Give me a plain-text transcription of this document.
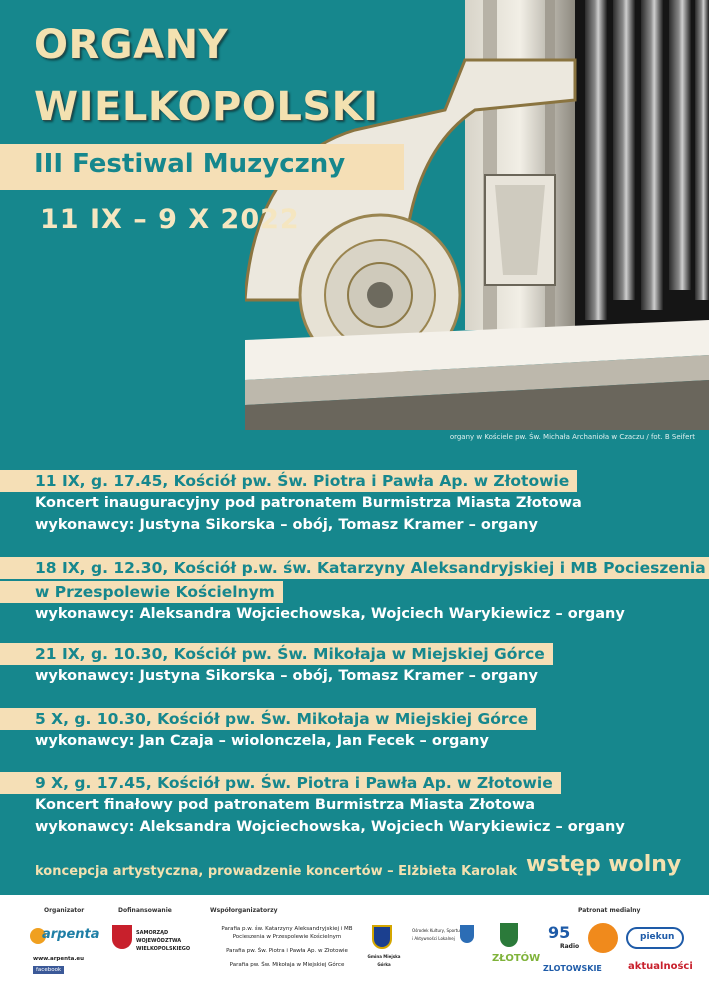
ORGANY
WIELKOPOLSKI
III Festiwal Muzyczny
11 IX – 9 X 2022
organy w Kościele pw. Św. Michała Archanioła w Czaczu / fot. B Seifert
11 IX, g. 17.45, Kościół pw. Św. Piotra i Pawła Ap. w Złotowie
Koncert inauguracyjny pod patronatem Burmistrza Miasta Złotowa
wykonawcy: Justyna Sikorska – obój, Tomasz Kramer – organy
18 IX, g. 12.30, Kościół p.w. św. Katarzyny Aleksandryjskiej i MB Pocieszenia
w Przespolewie Kościelnym
wykonawcy: Aleksandra Wojciechowska, Wojciech Warykiewicz – organy
21 IX, g. 10.30, Kościół pw. Św. Mikołaja w Miejskiej Górce
wykonawcy: Justyna Sikorska – obój, Tomasz Kramer – organy
5 X, g. 10.30, Kościół pw. Św. Mikołaja w Miejskiej Górce
wykonawcy: Jan Czaja – wiolonczela, Jan Fecek – organy
9 X, g. 17.45, Kościół pw. Św. Piotra i Pawła Ap. w Złotowie
Koncert finałowy pod patronatem Burmistrza Miasta Złotowa
wykonawcy: Aleksandra Wojciechowska, Wojciech Warykiewicz – organy
koncepcja artystyczna, prowadzenie koncertów – Elżbieta Karolak wstęp wolny
Organizator	Dofinansowanie	Współorganizatorzy	Patronat medialny
arpenta
www.arpenta.eu
facebook
SAMORZĄD WOJEWÓDZTWA WIELKOPOLSKIEGO
Parafia p.w. św. Katarzyny Aleksandryjskiej i MB Pocieszenia w Przespolewie Kościelnym
Parafia pw. Św. Piotra i Pawła Ap. w Złotowie
Parafia pw. Św. Mikołaja w Miejskiej Górce
Gmina Miejska Górka
Ośrodek Kultury, Sportu i Aktywności Lokalnej
ZŁOTÓW
95
Radio
ZLOTOWSKIE
piekun
aktualności
